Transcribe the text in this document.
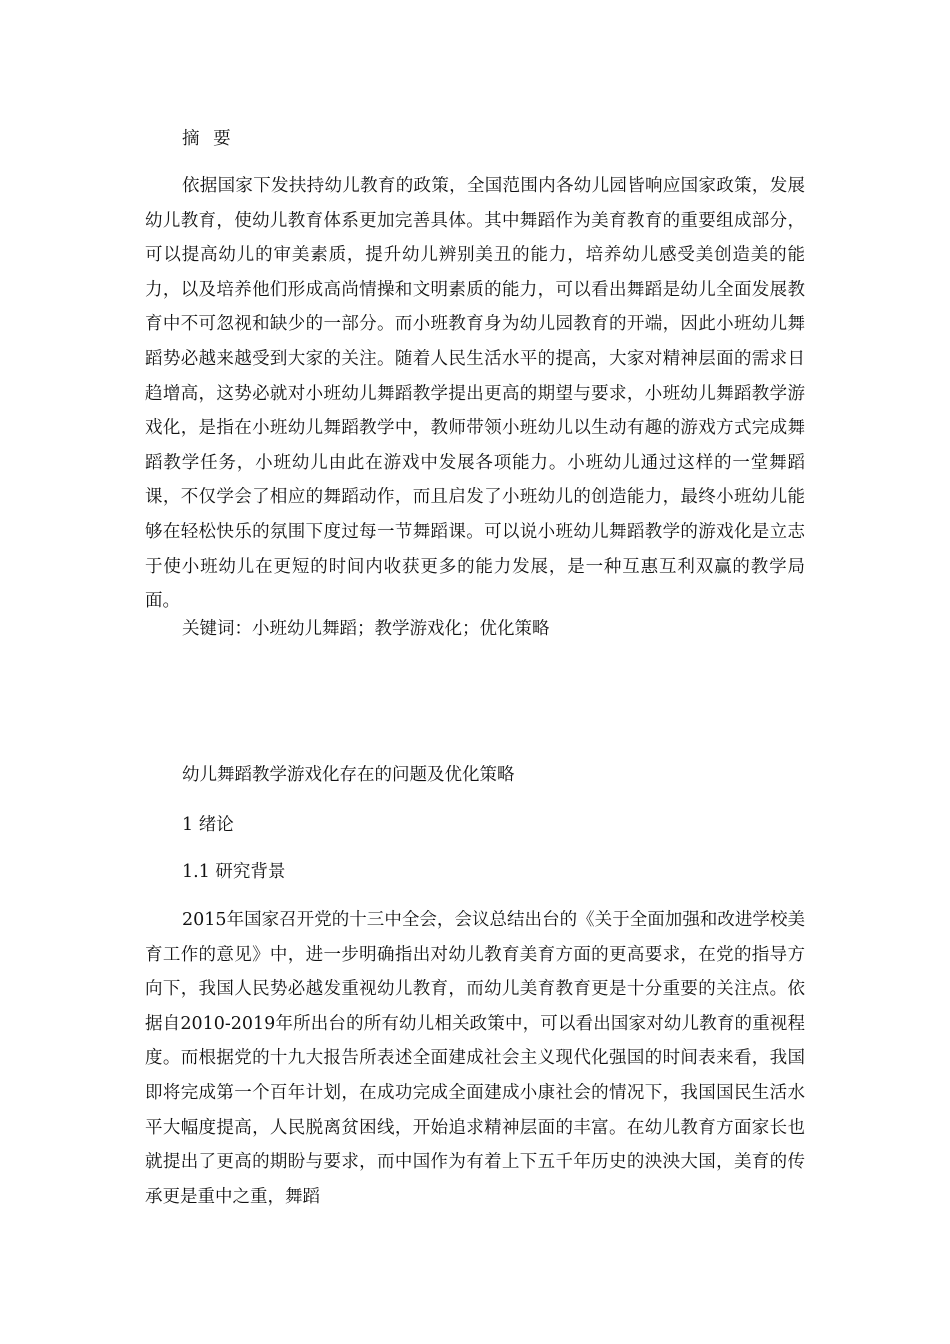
摘 要
依据国家下发扶持幼儿教育的政策，全国范围内各幼儿园皆响应国家政策，发展幼儿教育，使幼儿教育体系更加完善具体。其中舞蹈作为美育教育的重要组成部分，可以提高幼儿的审美素质，提升幼儿辨别美丑的能力，培养幼儿感受美创造美的能力，以及培养他们形成高尚情操和文明素质的能力，可以看出舞蹈是幼儿全面发展教育中不可忽视和缺少的一部分。而小班教育身为幼儿园教育的开端，因此小班幼儿舞蹈势必越来越受到大家的关注。随着人民生活水平的提高，大家对精神层面的需求日趋增高，这势必就对小班幼儿舞蹈教学提出更高的期望与要求，小班幼儿舞蹈教学游戏化，是指在小班幼儿舞蹈教学中，教师带领小班幼儿以生动有趣的游戏方式完成舞蹈教学任务，小班幼儿由此在游戏中发展各项能力。小班幼儿通过这样的一堂舞蹈课，不仅学会了相应的舞蹈动作，而且启发了小班幼儿的创造能力，最终小班幼儿能够在轻松快乐的氛围下度过每一节舞蹈课。可以说小班幼儿舞蹈教学的游戏化是立志于使小班幼儿在更短的时间内收获更多的能力发展，是一种互惠互利双赢的教学局面。
关键词：小班幼儿舞蹈；教学游戏化；优化策略
幼儿舞蹈教学游戏化存在的问题及优化策略
1 绪论
1.1 研究背景
2015年国家召开党的十三中全会，会议总结出台的《关于全面加强和改进学校美育工作的意见》中，进一步明确指出对幼儿教育美育方面的更高要求，在党的指导方向下，我国人民势必越发重视幼儿教育，而幼儿美育教育更是十分重要的关注点。依据自2010-2019年所出台的所有幼儿相关政策中，可以看出国家对幼儿教育的重视程度。而根据党的十九大报告所表述全面建成社会主义现代化强国的时间表来看，我国即将完成第一个百年计划，在成功完成全面建成小康社会的情况下，我国国民生活水平大幅度提高，人民脱离贫困线，开始追求精神层面的丰富。在幼儿教育方面家长也就提出了更高的期盼与要求，而中国作为有着上下五千年历史的泱泱大国，美育的传承更是重中之重，舞蹈
